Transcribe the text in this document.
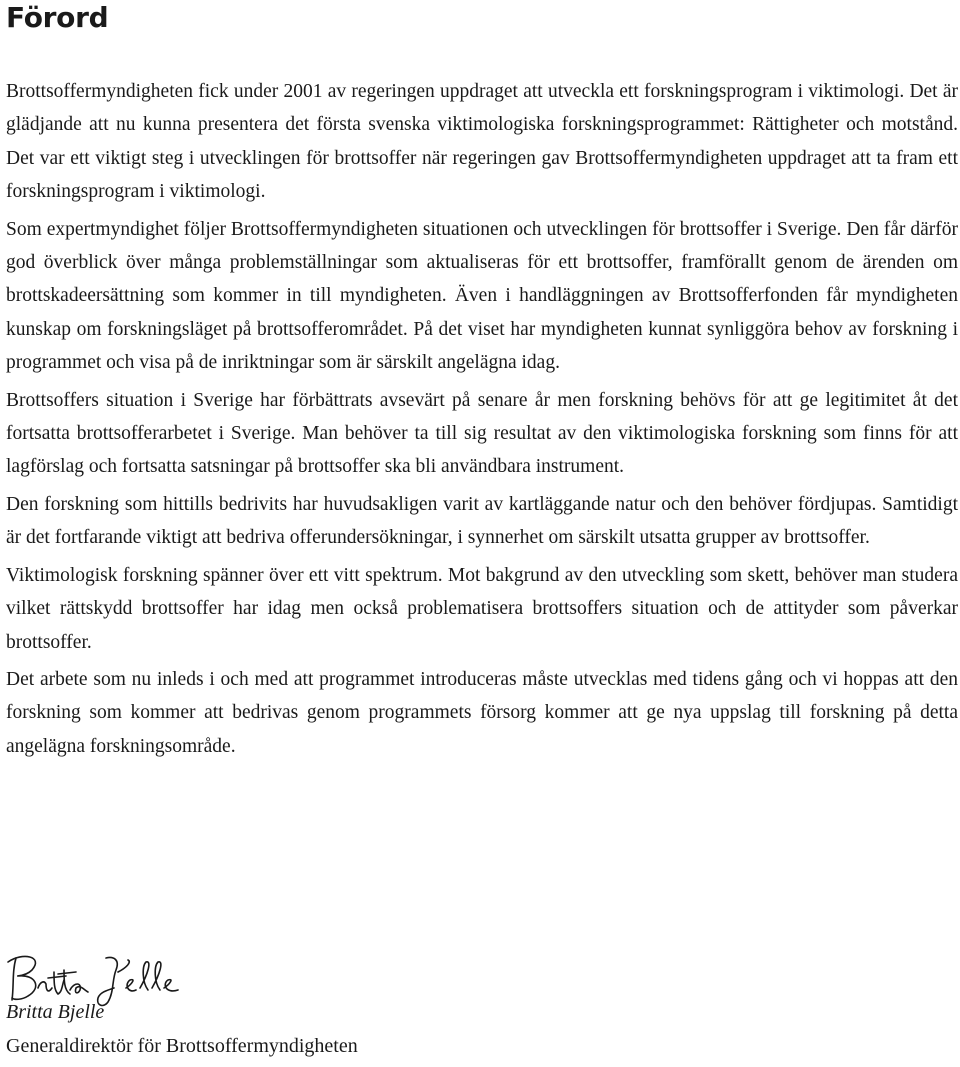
Förord

Brottsoffermyndigheten fick under 2001 av regeringen uppdraget att utveckla ett forskningsprogram i viktimologi. Det är glädjande att nu kunna presentera det första svenska viktimologiska forskningsprogrammet: Rättigheter och motstånd. Det var ett viktigt steg i utvecklingen för brottsoffer när regeringen gav Brottsoffermyndigheten uppdraget att ta fram ett forskningsprogram i viktimologi.

Som expertmyndighet följer Brottsoffermyndigheten situationen och utvecklingen för brottsoffer i Sverige. Den får därför god överblick över många problemställningar som aktualiseras för ett brottsoffer, framförallt genom de ärenden om brottskadeersättning som kommer in till myndigheten. Även i handläggningen av Brottsofferfonden får myndigheten kunskap om forskningsläget på brottsofferområdet. På det viset har myndigheten kunnat synliggöra behov av forskning i programmet och visa på de inriktningar som är särskilt angelägna idag.

Brottsoffers situation i Sverige har förbättrats avsevärt på senare år men forskning behövs för att ge legitimitet åt det fortsatta brottsofferarbetet i Sverige. Man behöver ta till sig resultat av den viktimologiska forskning som finns för att lagförslag och fortsatta satsningar på brottsoffer ska bli användbara instrument.

Den forskning som hittills bedrivits har huvudsakligen varit av kartläggande natur och den behöver fördjupas. Samtidigt är det fortfarande viktigt att bedriva offerundersökningar, i synnerhet om särskilt utsatta grupper av brottsoffer.

Viktimologisk forskning spänner över ett vitt spektrum. Mot bakgrund av den utveckling som skett, behöver man studera vilket rättskydd brottsoffer har idag men också problematisera brottsoffers situation och de attityder som påverkar brottsoffer.

Det arbete som nu inleds i och med att programmet introduceras måste utvecklas med tidens gång och vi hoppas att den forskning som kommer att bedrivas genom programmets försorg kommer att ge nya uppslag till forskning på detta angelägna forskningsområde.

Britta Bjelle
Generaldirektör för Brottsoffermyndigheten
